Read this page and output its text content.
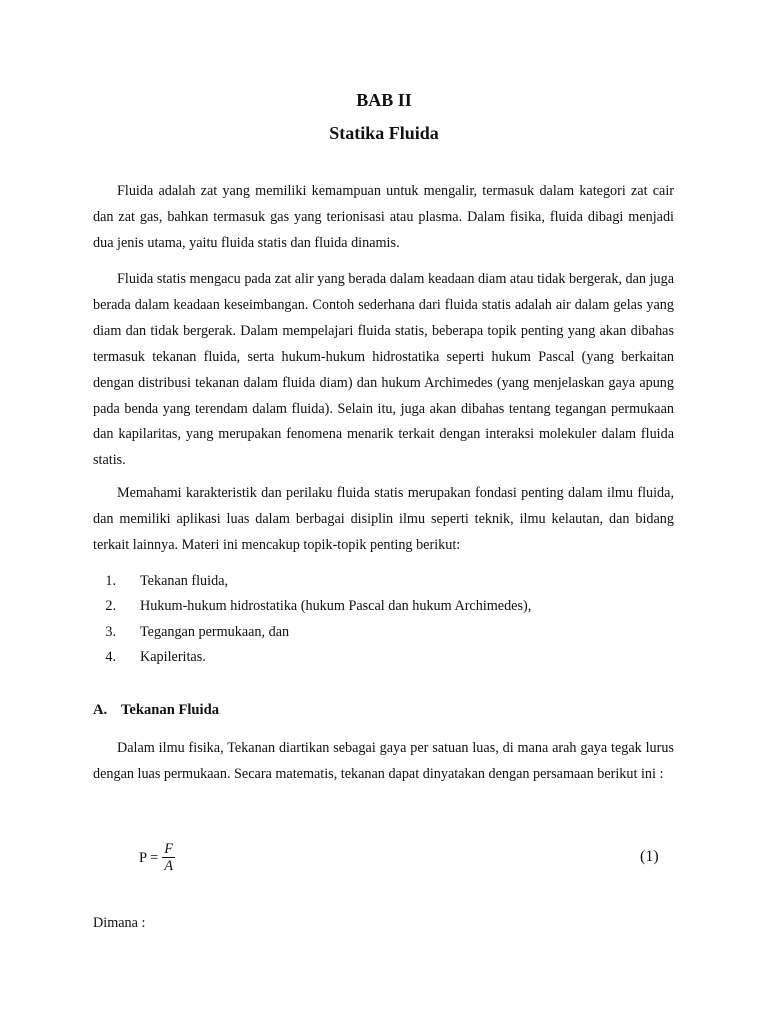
BAB II
Statika Fluida

Fluida adalah zat yang memiliki kemampuan untuk mengalir, termasuk dalam kategori zat cair dan zat gas, bahkan termasuk gas yang terionisasi atau plasma. Dalam fisika, fluida dibagi menjadi dua jenis utama, yaitu fluida statis dan fluida dinamis.

Fluida statis mengacu pada zat alir yang berada dalam keadaan diam atau tidak bergerak, dan juga berada dalam keadaan keseimbangan. Contoh sederhana dari fluida statis adalah air dalam gelas yang diam dan tidak bergerak. Dalam mempelajari fluida statis, beberapa topik penting yang akan dibahas termasuk tekanan fluida, serta hukum-hukum hidrostatika seperti hukum Pascal (yang berkaitan dengan distribusi tekanan dalam fluida diam) dan hukum Archimedes (yang menjelaskan gaya apung pada benda yang terendam dalam fluida). Selain itu, juga akan dibahas tentang tegangan permukaan dan kapilaritas, yang merupakan fenomena menarik terkait dengan interaksi molekuler dalam fluida statis.

Memahami karakteristik dan perilaku fluida statis merupakan fondasi penting dalam ilmu fluida, dan memiliki aplikasi luas dalam berbagai disiplin ilmu seperti teknik, ilmu kelautan, dan bidang terkait lainnya. Materi ini mencakup topik-topik penting berikut:

1. Tekanan fluida,
2. Hukum-hukum hidrostatika (hukum Pascal dan hukum Archimedes),
3. Tegangan permukaan, dan
4. Kapileritas.
A. Tekanan Fluida

Dalam ilmu fisika, Tekanan diartikan sebagai gaya per satuan luas, di mana arah gaya tegak lurus dengan luas permukaan. Secara matematis, tekanan dapat dinyatakan dengan persamaan berikut ini :

$P = \frac{F}{A}$	(1)
Dimana :
